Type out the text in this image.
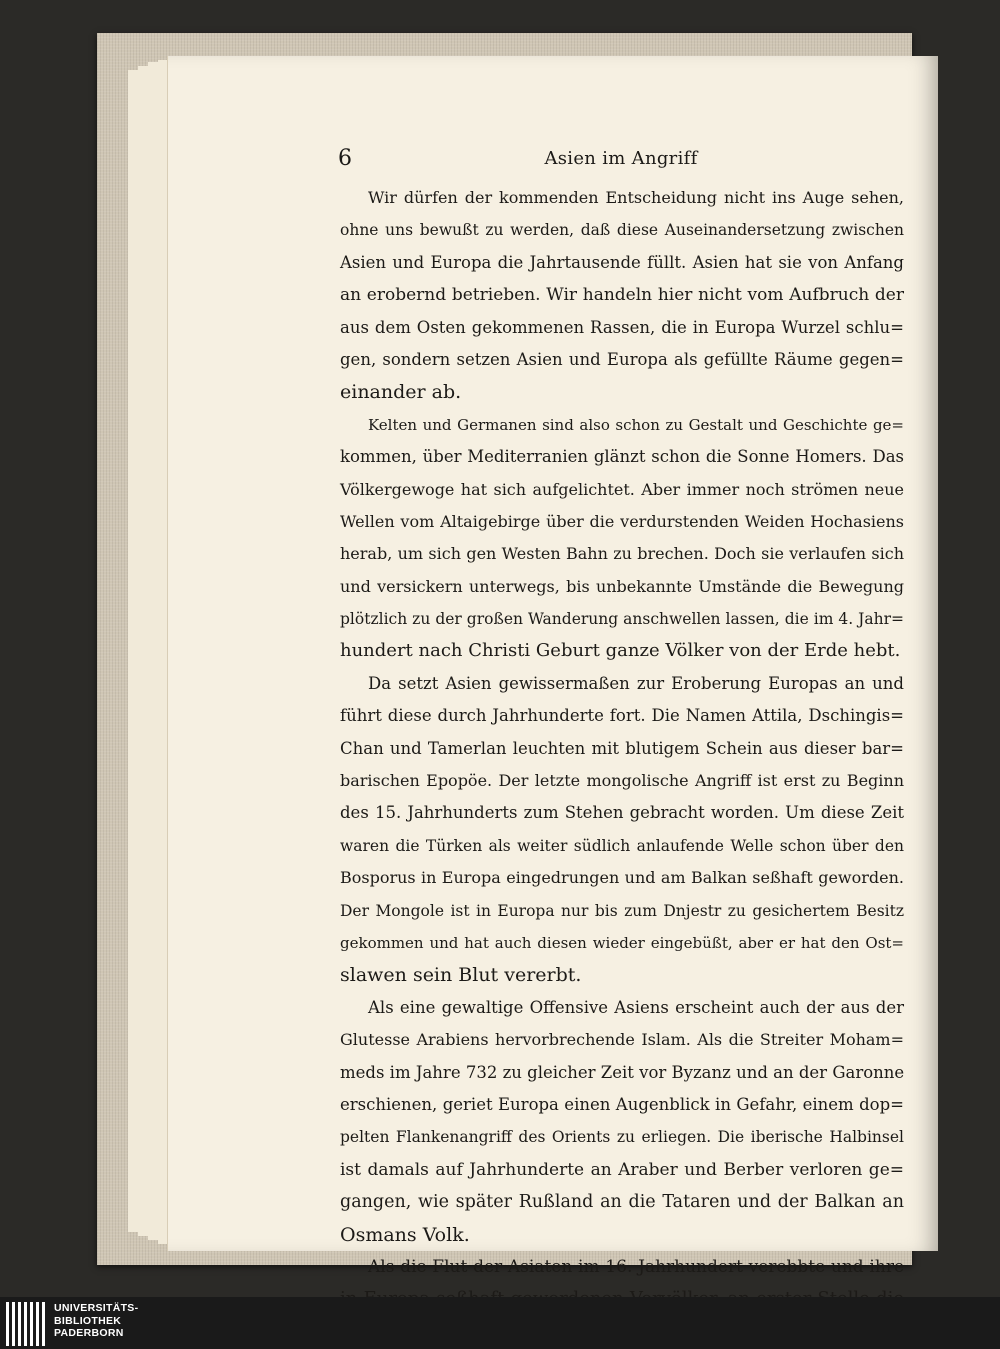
6	Asien im Angriff
Wir dürfen der kommenden Entscheidung nicht ins Auge sehen,
ohne uns bewußt zu werden, daß diese Auseinandersetzung zwischen
Asien und Europa die Jahrtausende füllt. Asien hat sie von Anfang
an erobernd betrieben. Wir handeln hier nicht vom Aufbruch der
aus dem Osten gekommenen Rassen, die in Europa Wurzel schlu=
gen, sondern setzen Asien und Europa als gefüllte Räume gegen=
einander ab.
Kelten und Germanen sind also schon zu Gestalt und Geschichte ge=
kommen, über Mediterranien glänzt schon die Sonne Homers. Das
Völkergewoge hat sich aufgelichtet. Aber immer noch strömen neue
Wellen vom Altaigebirge über die verdurstenden Weiden Hochasiens
herab, um sich gen Westen Bahn zu brechen. Doch sie verlaufen sich
und versickern unterwegs, bis unbekannte Umstände die Bewegung
plötzlich zu der großen Wanderung anschwellen lassen, die im 4. Jahr=
hundert nach Christi Geburt ganze Völker von der Erde hebt.
Da setzt Asien gewissermaßen zur Eroberung Europas an und
führt diese durch Jahrhunderte fort. Die Namen Attila, Dschingis=
Chan und Tamerlan leuchten mit blutigem Schein aus dieser bar=
barischen Epopöe. Der letzte mongolische Angriff ist erst zu Beginn
des 15. Jahrhunderts zum Stehen gebracht worden. Um diese Zeit
waren die Türken als weiter südlich anlaufende Welle schon über den
Bosporus in Europa eingedrungen und am Balkan seßhaft geworden.
Der Mongole ist in Europa nur bis zum Dnjestr zu gesichertem Besitz
gekommen und hat auch diesen wieder eingebüßt, aber er hat den Ost=
slawen sein Blut vererbt.
Als eine gewaltige Offensive Asiens erscheint auch der aus der
Glutesse Arabiens hervorbrechende Islam. Als die Streiter Moham=
meds im Jahre 732 zu gleicher Zeit vor Byzanz und an der Garonne
erschienen, geriet Europa einen Augenblick in Gefahr, einem dop=
pelten Flankenangriff des Orients zu erliegen. Die iberische Halbinsel
ist damals auf Jahrhunderte an Araber und Berber verloren ge=
gangen, wie später Rußland an die Tataren und der Balkan an
Osmans Volk.
Als die Flut der Asiaten im 16. Jahrhundert verebbte und ihre
UNIVERSITÄTS-
BIBLIOTHEK
PADERBORN
